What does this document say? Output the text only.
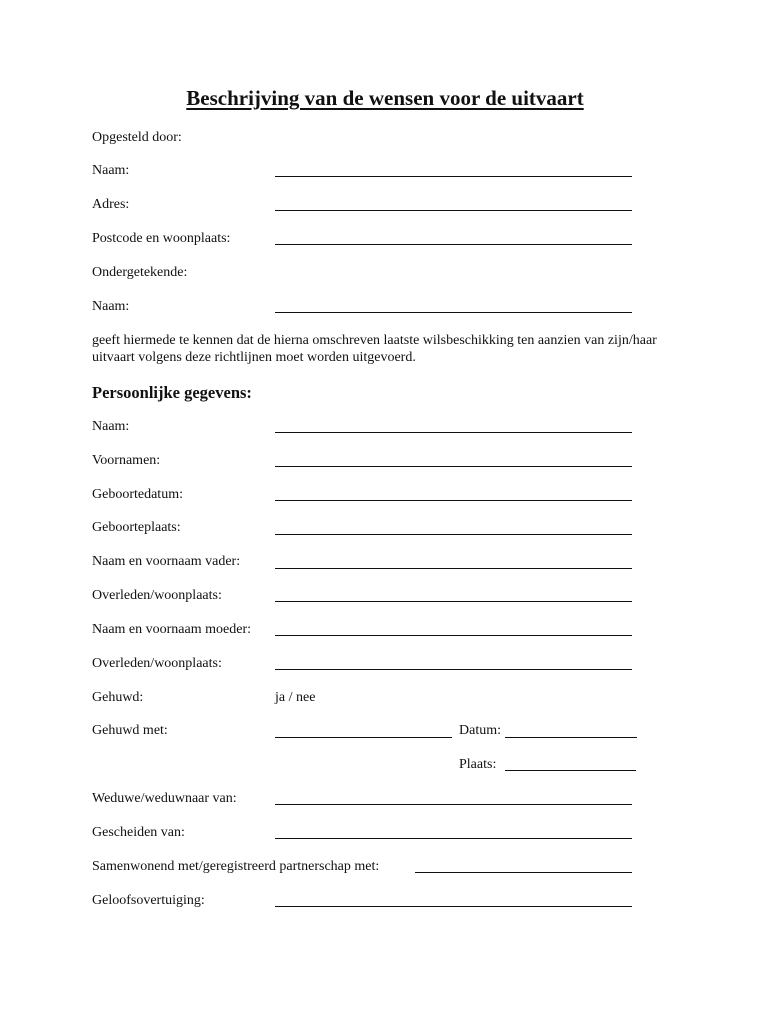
Beschrijving van de wensen voor de uitvaart
Opgesteld door:
Naam:
Adres:
Postcode en woonplaats:
Ondergetekende:
Naam:
geeft hiermede te kennen dat de hierna omschreven laatste wilsbeschikking ten aanzien van zijn/haar uitvaart volgens deze richtlijnen moet worden uitgevoerd.
Persoonlijke gegevens:
Naam:
Voornamen:
Geboortedatum:
Geboorteplaats:
Naam en voornaam vader:
Overleden/woonplaats:
Naam en voornaam moeder:
Overleden/woonplaats:
Gehuwd:	ja / nee
Gehuwd met:	Datum:
Plaats:
Weduwe/weduwnaar van:
Gescheiden van:
Samenwonend met/geregistreerd partnerschap met:
Geloofsovertuiging:
